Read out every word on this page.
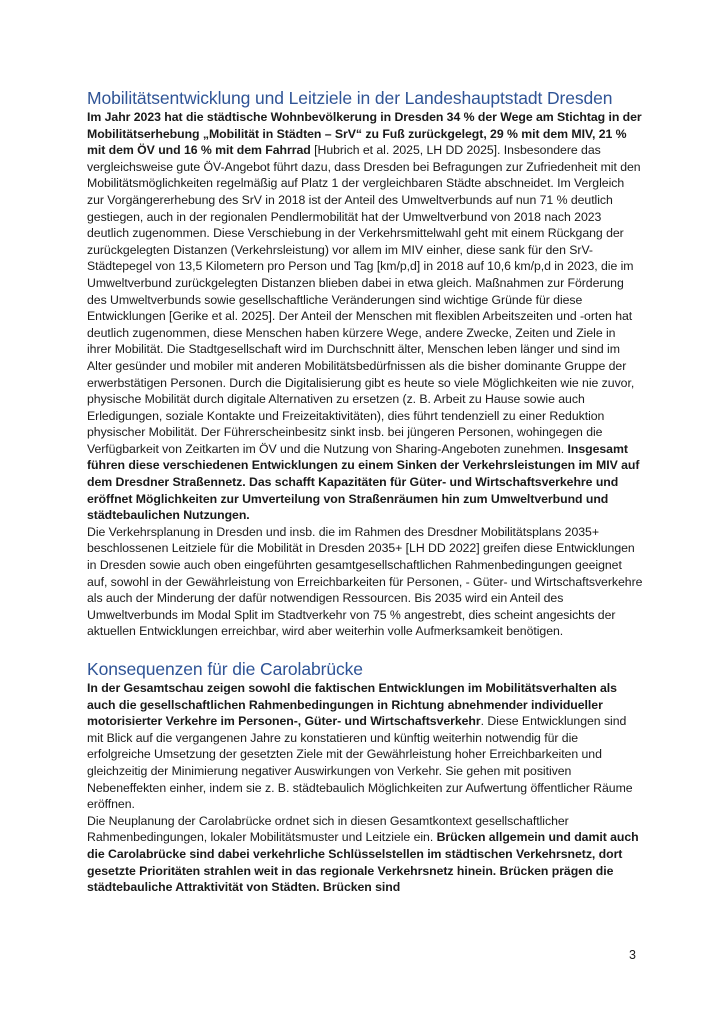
Mobilitätsentwicklung und Leitziele in der Landeshauptstadt Dresden

Im Jahr 2023 hat die städtische Wohnbevölkerung in Dresden 34 % der Wege am Stichtag in der Mobilitätserhebung „Mobilität in Städten – SrV“ zu Fuß zurückgelegt, 29 % mit dem MIV, 21 % mit dem ÖV und 16 % mit dem Fahrrad [Hubrich et al. 2025, LH DD 2025]. Insbesondere das vergleichsweise gute ÖV-Angebot führt dazu, dass Dresden bei Befragungen zur Zufriedenheit mit den Mobilitätsmöglichkeiten regelmäßig auf Platz 1 der vergleichbaren Städte abschneidet. Im Vergleich zur Vorgängererhebung des SrV in 2018 ist der Anteil des Umweltverbunds auf nun 71 % deutlich gestiegen, auch in der regionalen Pendlermobilität hat der Umweltverbund von 2018 nach 2023 deutlich zugenommen. Diese Verschiebung in der Verkehrsmittelwahl geht mit einem Rückgang der zurückgelegten Distanzen (Verkehrsleistung) vor allem im MIV einher, diese sank für den SrV-Städtepegel von 13,5 Kilometern pro Person und Tag [km/p,d] in 2018 auf 10,6 km/p,d in 2023, die im Umweltverbund zurückgelegten Distanzen blieben dabei in etwa gleich. Maßnahmen zur Förderung des Umweltverbunds sowie gesellschaftliche Veränderungen sind wichtige Gründe für diese Entwicklungen [Gerike et al. 2025]. Der Anteil der Menschen mit flexiblen Arbeitszeiten und -orten hat deutlich zugenommen, diese Menschen haben kürzere Wege, andere Zwecke, Zeiten und Ziele in ihrer Mobilität. Die Stadtgesellschaft wird im Durchschnitt älter, Menschen leben länger und sind im Alter gesünder und mobiler mit anderen Mobilitätsbedürfnissen als die bisher dominante Gruppe der erwerbstätigen Personen. Durch die Digitalisierung gibt es heute so viele Möglichkeiten wie nie zuvor, physische Mobilität durch digitale Alternativen zu ersetzen (z. B. Arbeit zu Hause sowie auch Erledigungen, soziale Kontakte und Freizeitaktivitäten), dies führt tendenziell zu einer Reduktion physischer Mobilität. Der Führerscheinbesitz sinkt insb. bei jüngeren Personen, wohingegen die Verfügbarkeit von Zeitkarten im ÖV und die Nutzung von Sharing-Angeboten zunehmen. Insgesamt führen diese verschiedenen Entwicklungen zu einem Sinken der Verkehrsleistungen im MIV auf dem Dresdner Straßennetz. Das schafft Kapazitäten für Güter- und Wirtschaftsverkehre und eröffnet Möglichkeiten zur Umverteilung von Straßenräumen hin zum Umweltverbund und städtebaulichen Nutzungen.

Die Verkehrsplanung in Dresden und insb. die im Rahmen des Dresdner Mobilitätsplans 2035+ beschlossenen Leitziele für die Mobilität in Dresden 2035+ [LH DD 2022] greifen diese Entwicklungen in Dresden sowie auch oben eingeführten gesamtgesellschaftlichen Rahmenbedingungen geeignet auf, sowohl in der Gewährleistung von Erreichbarkeiten für Personen, - Güter- und Wirtschaftsverkehre als auch der Minderung der dafür notwendigen Ressourcen. Bis 2035 wird ein Anteil des Umweltverbunds im Modal Split im Stadtverkehr von 75 % angestrebt, dies scheint angesichts der aktuellen Entwicklungen erreichbar, wird aber weiterhin volle Aufmerksamkeit benötigen.

Konsequenzen für die Carolabrücke

In der Gesamtschau zeigen sowohl die faktischen Entwicklungen im Mobilitätsverhalten als auch die gesellschaftlichen Rahmenbedingungen in Richtung abnehmender individueller motorisierter Verkehre im Personen-, Güter- und Wirtschaftsverkehr. Diese Entwicklungen sind mit Blick auf die vergangenen Jahre zu konstatieren und künftig weiterhin notwendig für die erfolgreiche Umsetzung der gesetzten Ziele mit der Gewährleistung hoher Erreichbarkeiten und gleichzeitig der Minimierung negativer Auswirkungen von Verkehr. Sie gehen mit positiven Nebeneffekten einher, indem sie z. B. städtebaulich Möglichkeiten zur Aufwertung öffentlicher Räume eröffnen.

Die Neuplanung der Carolabrücke ordnet sich in diesen Gesamtkontext gesellschaftlicher Rahmenbedingungen, lokaler Mobilitätsmuster und Leitziele ein. Brücken allgemein und damit auch die Carolabrücke sind dabei verkehrliche Schlüsselstellen im städtischen Verkehrsnetz, dort gesetzte Prioritäten strahlen weit in das regionale Verkehrsnetz hinein. Brücken prägen die städtebauliche Attraktivität von Städten. Brücken sind

3
